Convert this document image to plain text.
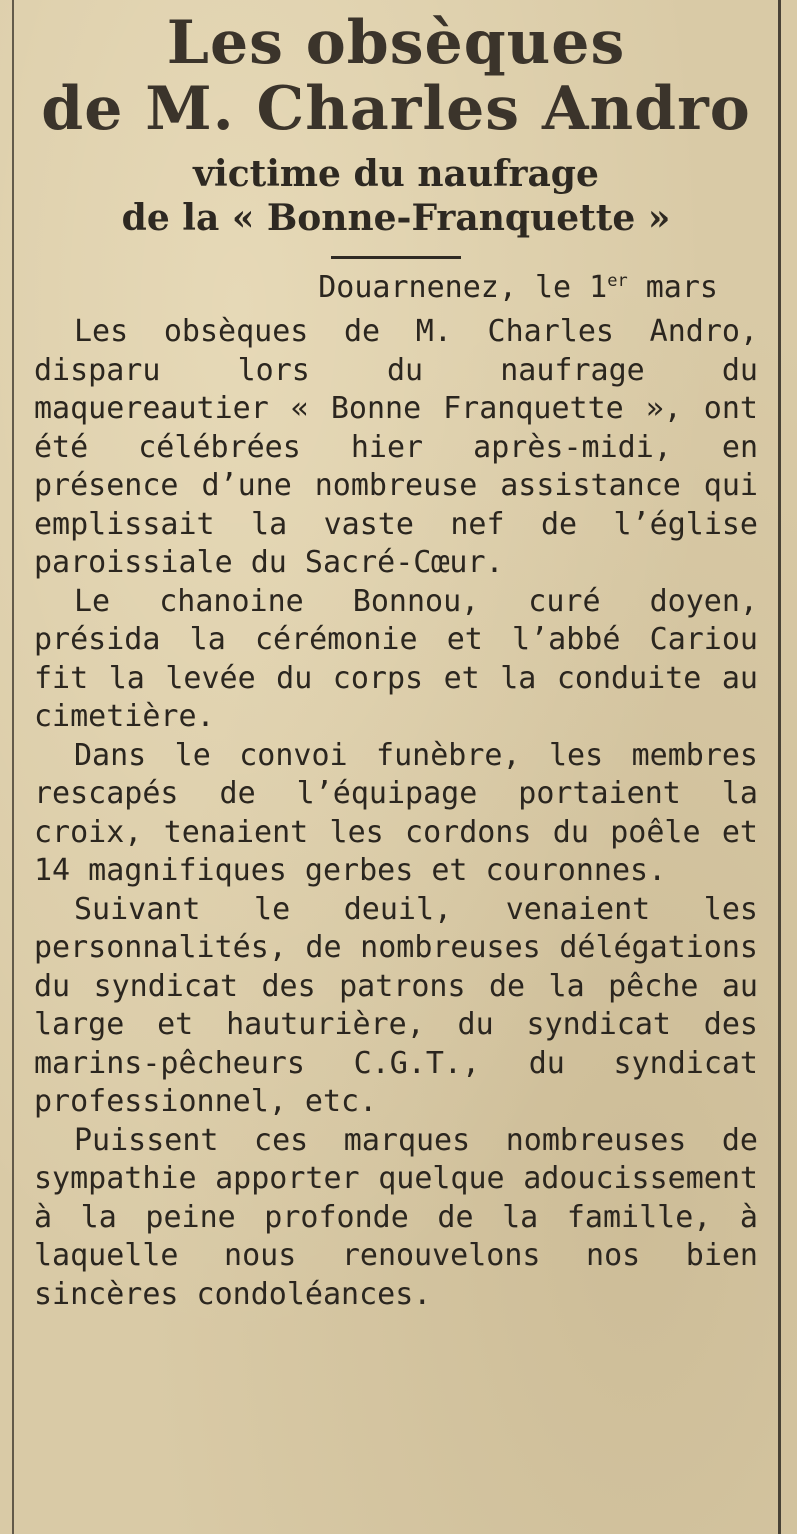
Les obsèques
de M. Charles Andro
victime du naufrage
de la « Bonne-Franquette »

Douarnenez, le 1er mars

Les obsèques de M. Charles Andro, disparu lors du naufrage du maquereautier « Bonne Franquette », ont été célébrées hier après-midi, en présence d’une nombreuse assistance qui emplissait la vaste nef de l’église paroissiale du Sacré-Cœur.

Le chanoine Bonnou, curé doyen, présida la cérémonie et l’abbé Cariou fit la levée du corps et la conduite au cimetière.

Dans le convoi funèbre, les membres rescapés de l’équipage portaient la croix, tenaient les cordons du poêle et 14 magnifiques gerbes et couronnes.

Suivant le deuil, venaient les personnalités, de nombreuses délégations du syndicat des patrons de la pêche au large et hauturière, du syndicat des marins-pêcheurs C.G.T., du syndicat professionnel, etc.

Puissent ces marques nombreuses de sympathie apporter quelque adoucissement à la peine profonde de la famille, à laquelle nous renouvelons nos bien sincères condoléances.
